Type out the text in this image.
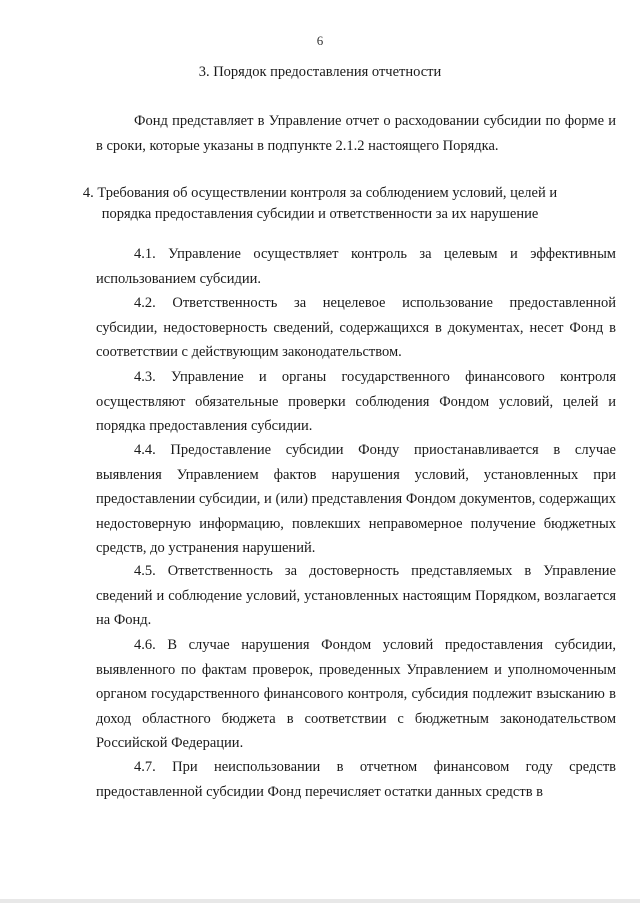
6
3. Порядок предоставления отчетности

Фонд представляет в Управление отчет о расходовании субсидии по форме и в сроки, которые указаны в подпункте 2.1.2 настоящего Порядка.

4. Требования об осуществлении контроля за соблюдением условий, целей и
порядка предоставления субсидии и ответственности за их нарушение

4.1. Управление осуществляет контроль за целевым и эффективным использованием субсидии.

4.2. Ответственность за нецелевое использование предоставленной субсидии, недостоверность сведений, содержащихся в документах, несет Фонд в соответствии с действующим законодательством.

4.3. Управление и органы государственного финансового контроля осуществляют обязательные проверки соблюдения Фондом условий, целей и порядка предоставления субсидии.

4.4. Предоставление субсидии Фонду приостанавливается в случае выявления Управлением фактов нарушения условий, установленных при предоставлении субсидии, и (или) представления Фондом документов, содержащих недостоверную информацию, повлекших неправомерное получение бюджетных средств, до устранения нарушений.

4.5. Ответственность за достоверность представляемых в Управление сведений и соблюдение условий, установленных настоящим Порядком, возлагается на Фонд.

4.6. В случае нарушения Фондом условий предоставления субсидии, выявленного по фактам проверок, проведенных Управлением и уполномоченным органом государственного финансового контроля, субсидия подлежит взысканию в доход областного бюджета в соответствии с бюджетным законодательством Российской Федерации.

4.7. При неиспользовании в отчетном финансовом году средств предоставленной субсидии Фонд перечисляет остатки данных средств в
